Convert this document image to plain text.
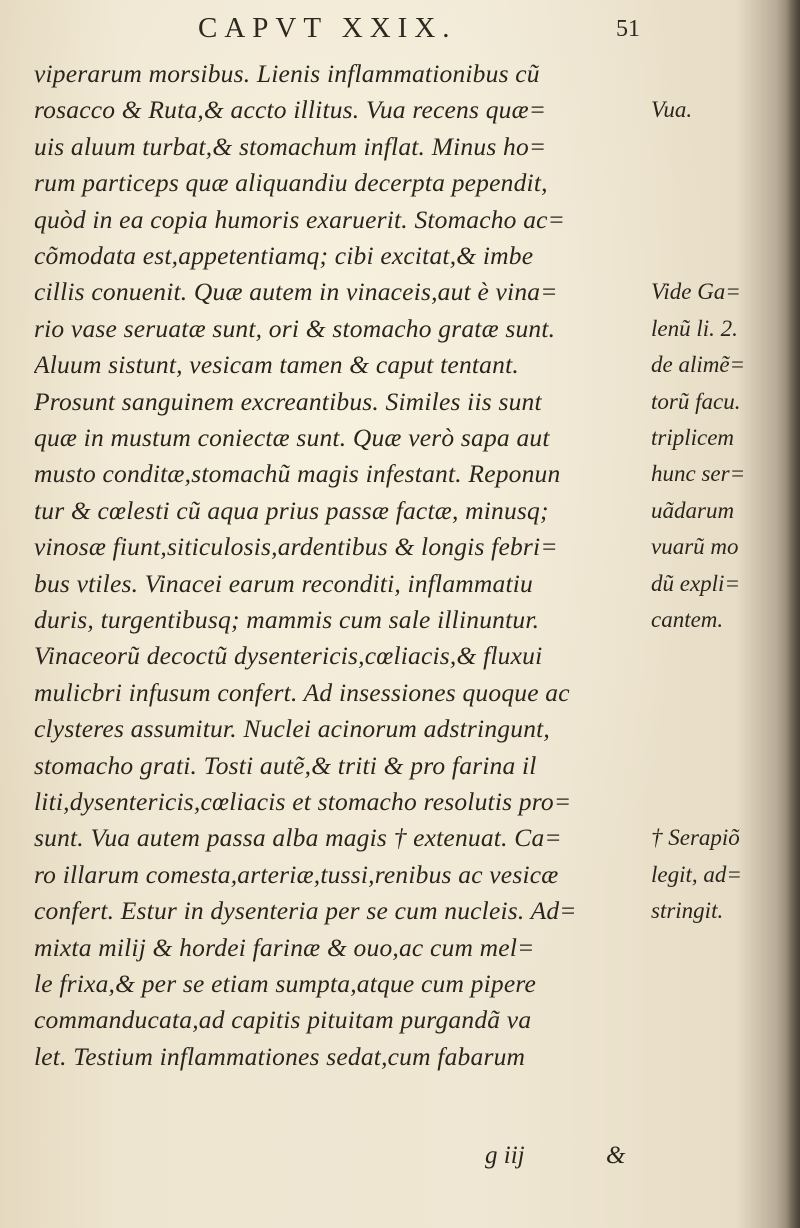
CAPVT XXIX.	51
viperarum morsibus. Lienis inflammationibus cũ
rosacco & Ruta,& accto illitus. Vua recens quæ=
uis aluum turbat,& stomachum inflat. Minus ho=
rum particeps quæ aliquandiu decerpta pependit,
quòd in ea copia humoris exaruerit. Stomacho ac=
cõmodata est,appetentiamq; cibi excitat,& imbe
cillis conuenit. Quæ autem in vinaceis,aut è vina=
rio vase seruatæ sunt, ori & stomacho gratæ sunt.
Aluum sistunt, vesicam tamen & caput tentant.
Prosunt sanguinem excreantibus. Similes iis sunt
quæ in mustum coniectæ sunt. Quæ verò sapa aut
musto conditæ,stomachũ magis infestant. Reponun
tur & cœlesti cũ aqua prius passæ factæ, minusq;
vinosæ fiunt,siticulosis,ardentibus & longis febri=
bus vtiles. Vinacei earum reconditi, inflammatiu
duris, turgentibusq; mammis cum sale illinuntur.
Vinaceorũ decoctũ dysentericis,cœliacis,& fluxui
mulicbri infusum confert. Ad insessiones quoque ac
clysteres assumitur. Nuclei acinorum adstringunt,
stomacho grati. Tosti autẽ,& triti & pro farina il
liti,dysentericis,cœliacis et stomacho resolutis pro=
sunt. Vua autem passa alba magis † extenuat. Ca=
ro illarum comesta,arteriæ,tussi,renibus ac vesicæ
confert. Estur in dysenteria per se cum nucleis. Ad=
mixta milij & hordei farinæ & ouo,ac cum mel=
le frixa,& per se etiam sumpta,atque cum pipere
commanducata,ad capitis pituitam purgandã va
let. Testium inflammationes sedat,cum fabarum
Vua.
Vide Ga=
lenũ li. 2.
de alimẽ=
torũ facu.
triplicem
hunc ser=
uãdarum
vuarũ mo
dũ expli=
cantem.
† Serapiõ
legit, ad=
stringit.
g iij	&
